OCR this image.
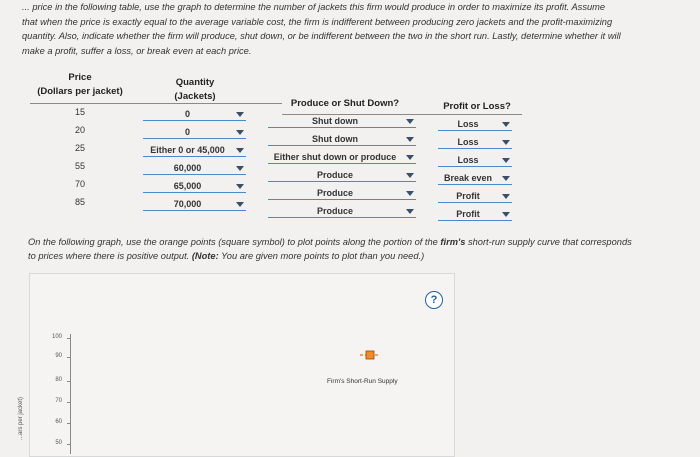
... price in the following table, use the graph to determine the number of jackets this firm would produce in order to maximize its profit. Assume

that when the price is exactly equal to the average variable cost, the firm is indifferent between producing zero jackets and the profit-maximizing

quantity. Also, indicate whether the firm will produce, shut down, or be indifferent between the two in the short run. Lastly, determine whether it will

make a profit, suffer a loss, or break even at each price.

Price
(Dollars per jacket)
Quantity
(Jackets)
Produce or Shut Down?	Profit or Loss?
15
20
25
55
70
85
0
0
Either 0 or 45,000
60,000
65,000
70,000
Shut down
Shut down
Either shut down or produce
Produce
Produce
Produce
Loss
Loss
Loss
Break even
Profit
Profit
On the following graph, use the orange points (square symbol) to plot points along the portion of the firm's short-run supply curve that corresponds
to prices where there is positive output. (Note: You are given more points to plot than you need.)
?
100
90
80
70
60
50
...ars per jacket)
Firm's Short-Run Supply
